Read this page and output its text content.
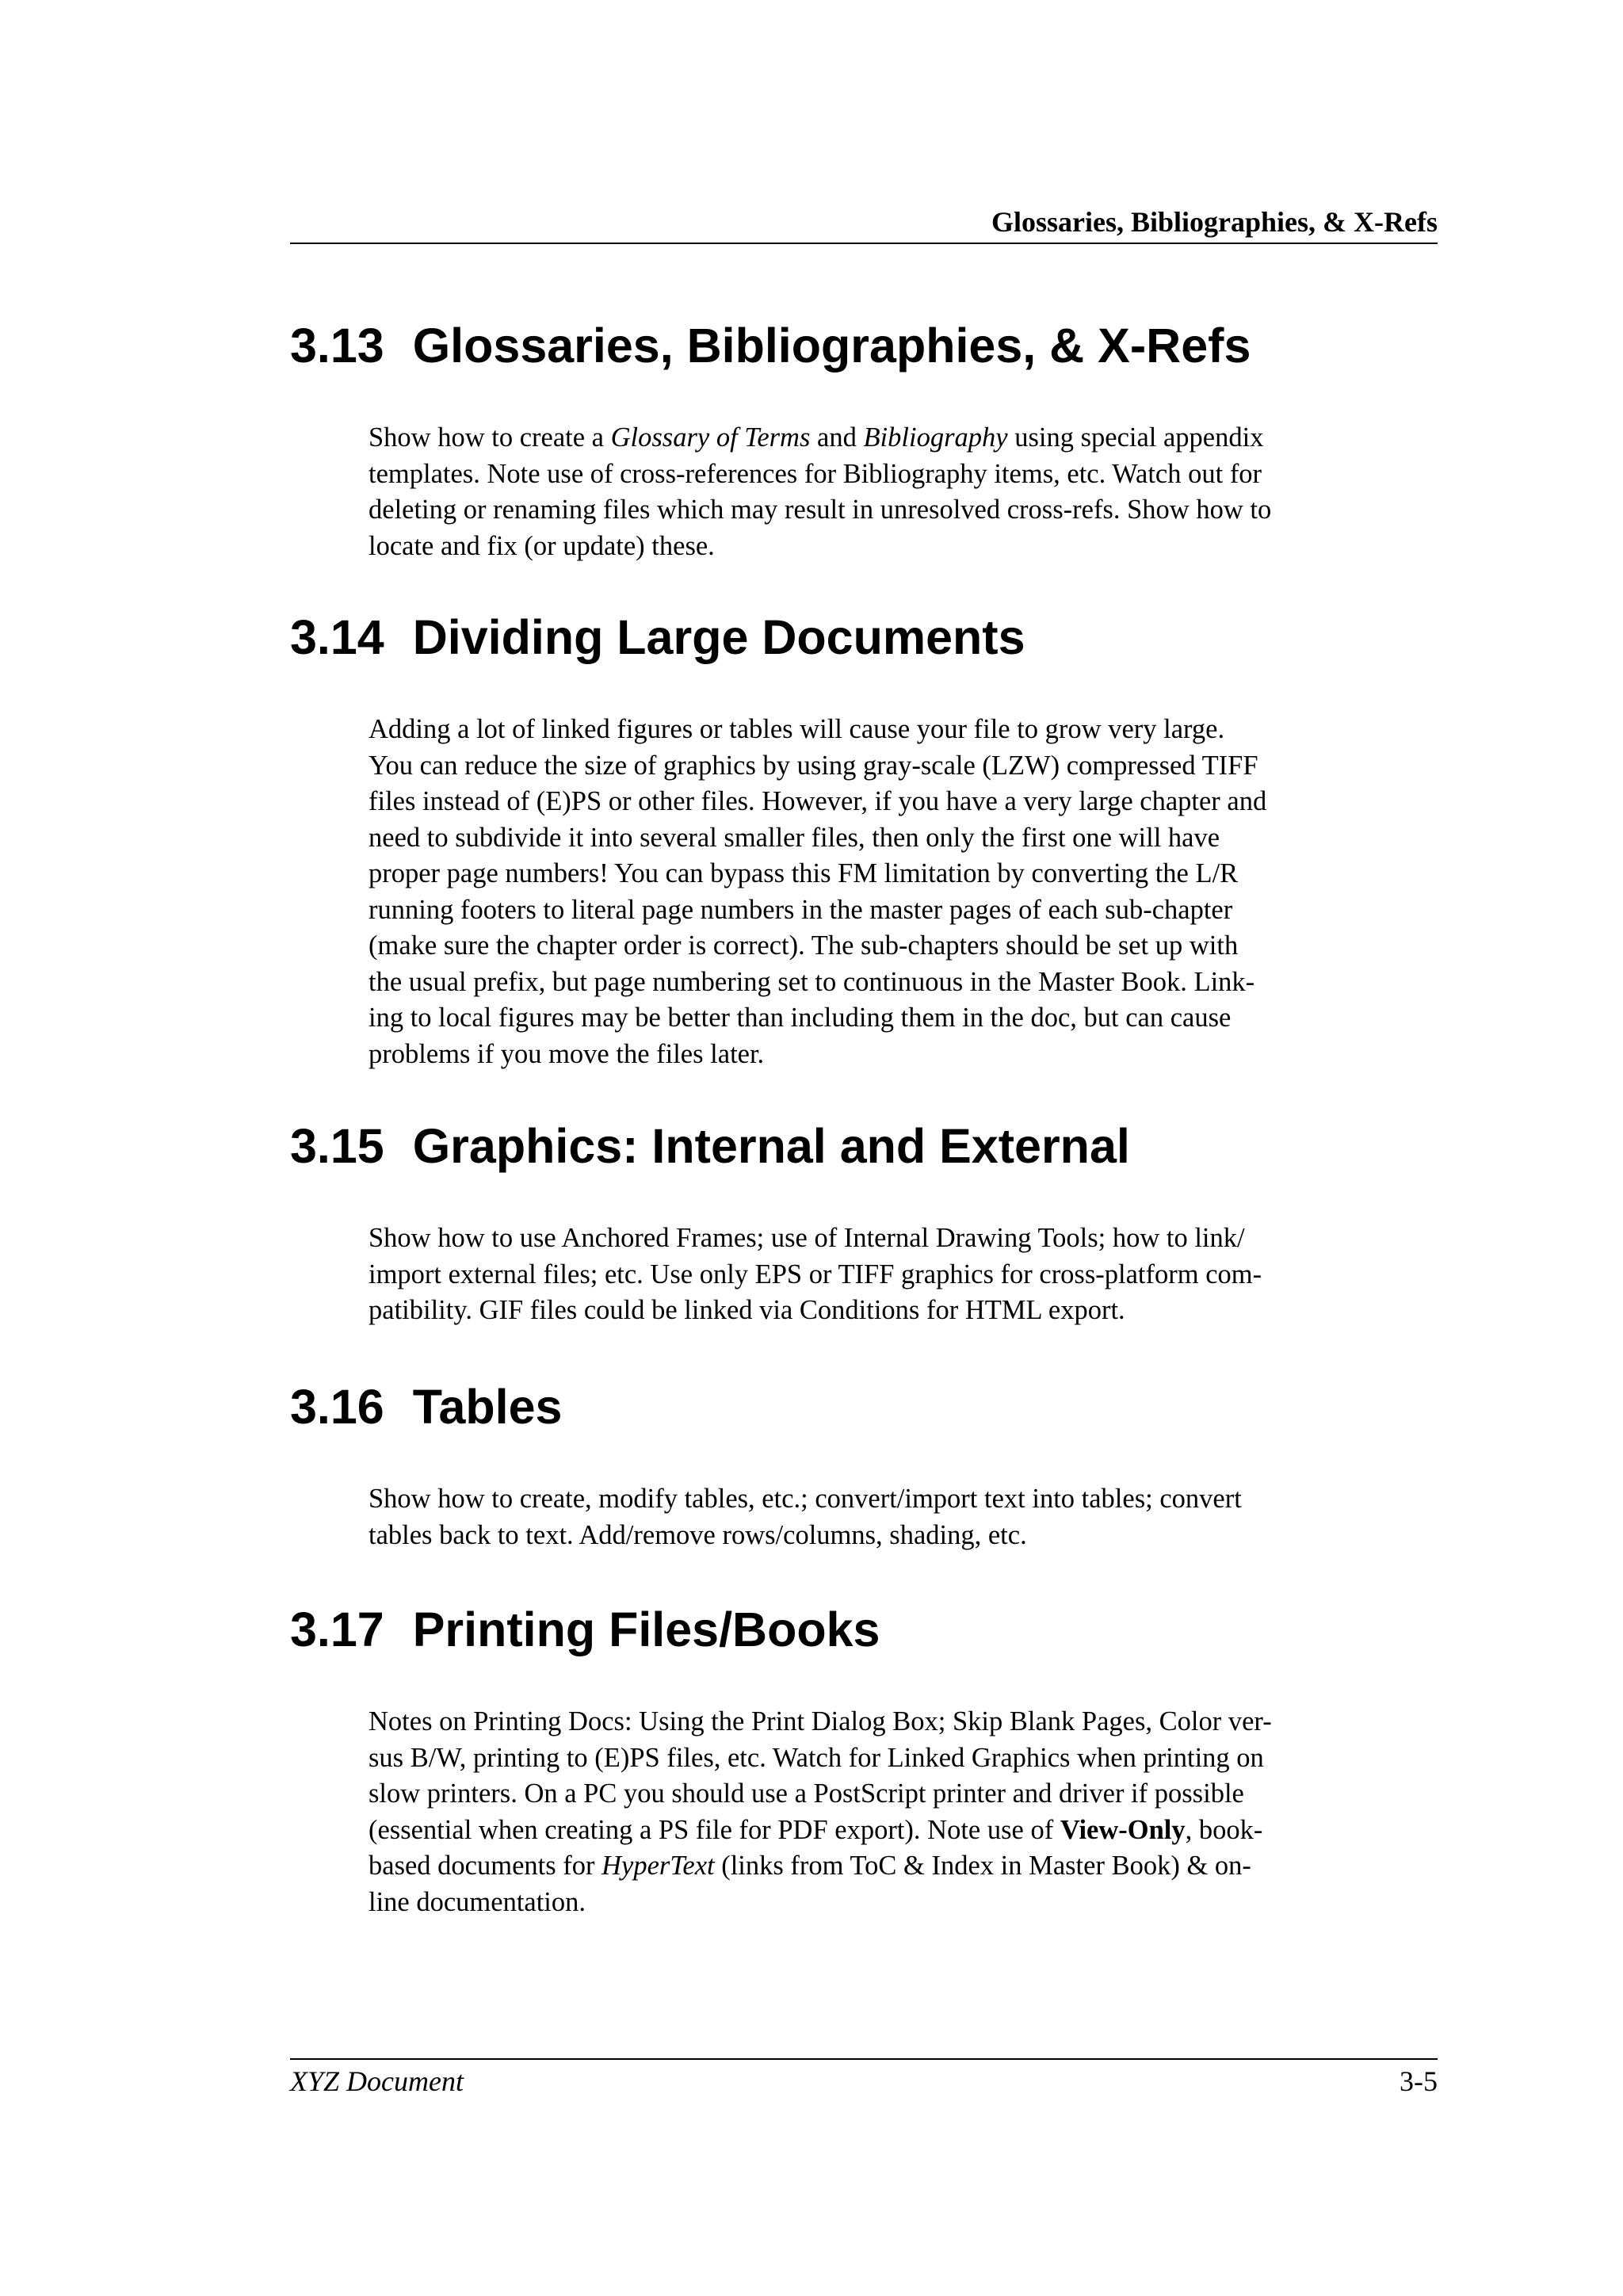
Glossaries, Bibliographies, & X-Refs
3.13 Glossaries, Bibliographies, & X-Refs
Show how to create a Glossary of Terms and Bibliography using special appendix
templates. Note use of cross-references for Bibliography items, etc. Watch out for
deleting or renaming files which may result in unresolved cross-refs. Show how to
locate and fix (or update) these.
3.14 Dividing Large Documents
Adding a lot of linked figures or tables will cause your file to grow very large.
You can reduce the size of graphics by using gray-scale (LZW) compressed TIFF
files instead of (E)PS or other files. However, if you have a very large chapter and
need to subdivide it into several smaller files, then only the first one will have
proper page numbers! You can bypass this FM limitation by converting the L/R
running footers to literal page numbers in the master pages of each sub-chapter
(make sure the chapter order is correct). The sub-chapters should be set up with
the usual prefix, but page numbering set to continuous in the Master Book. Link-
ing to local figures may be better than including them in the doc, but can cause
problems if you move the files later.
3.15 Graphics: Internal and External
Show how to use Anchored Frames; use of Internal Drawing Tools; how to link/
import external files; etc. Use only EPS or TIFF graphics for cross-platform com-
patibility. GIF files could be linked via Conditions for HTML export.
3.16 Tables
Show how to create, modify tables, etc.; convert/import text into tables; convert
tables back to text. Add/remove rows/columns, shading, etc.
3.17 Printing Files/Books
Notes on Printing Docs: Using the Print Dialog Box; Skip Blank Pages, Color ver-
sus B/W, printing to (E)PS files, etc. Watch for Linked Graphics when printing on
slow printers. On a PC you should use a PostScript printer and driver if possible
(essential when creating a PS file for PDF export). Note use of View-Only, book-
based documents for HyperText (links from ToC & Index in Master Book) & on-
line documentation.
XYZ Document	3-5
